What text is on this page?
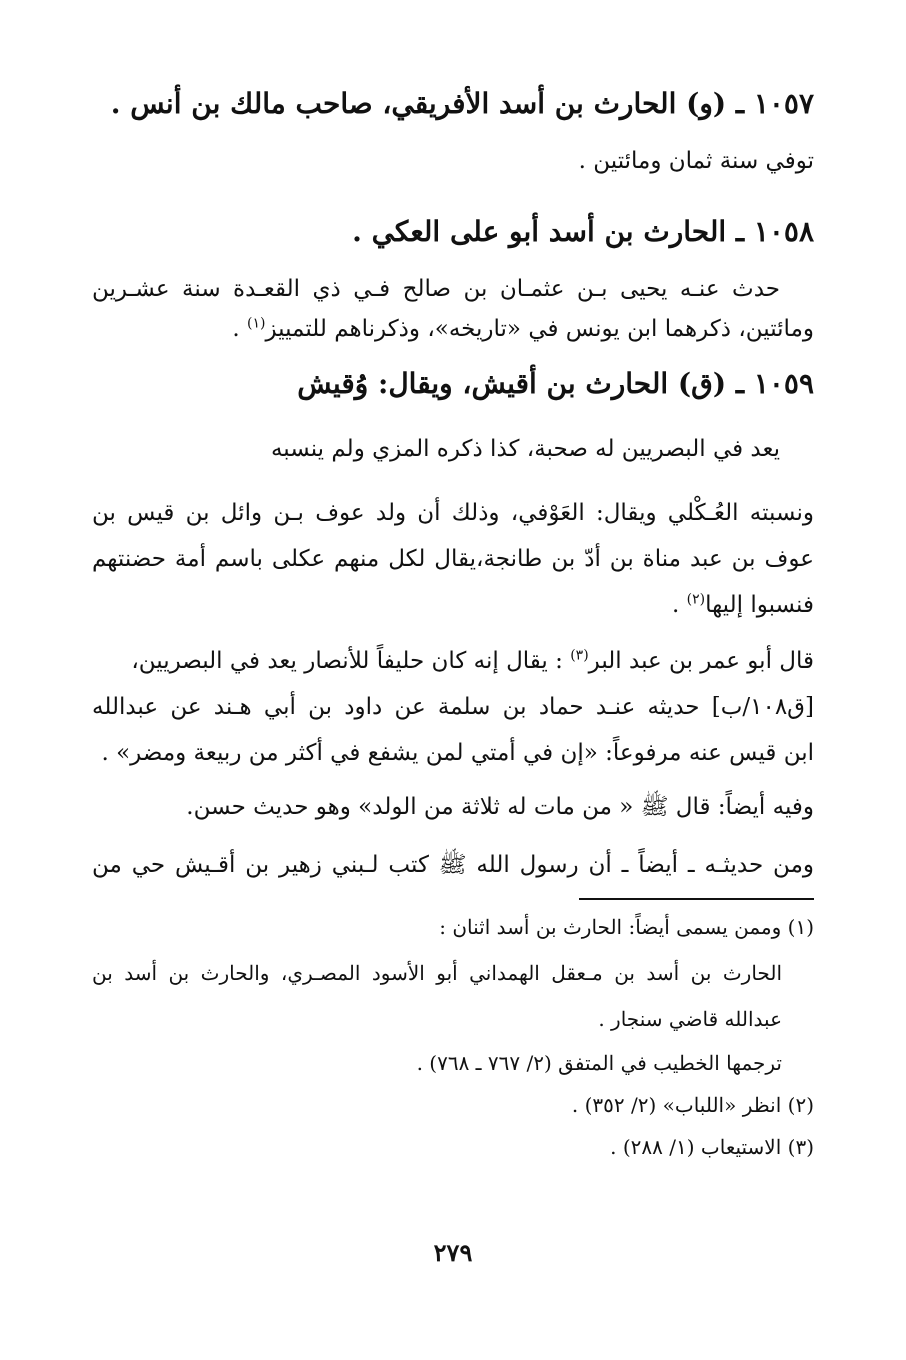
١٠٥٧ ـ (و) الحارث بن أسد الأفريقي، صاحب مالك بن أنس .
توفي سنة ثمان ومائتين .
١٠٥٨ ـ الحارث بن أسد أبو على العكي .
حدث عنـه يحيى بـن عثمـان بن صالح فـي ذي القعـدة سنة عشـرين
ومائتين، ذكرهما ابن يونس في «تاريخه»، وذكرناهم للتمييز$^{(١)}$ .
١٠٥٩ ـ (ق) الحارث بن أقيش، ويقال: وُقيش
يعد في البصريين له صحبة، كذا ذكره المزي ولم ينسبه
ونسبته العُـكْلي ويقال: العَوْفي، وذلك أن ولد عوف بـن وائل بن قيس بن
عوف بن عبد مناة بن أدّ بن طانجة،يقال لكل منهم عكلى باسم أمة حضنتهم
فنسبوا إليها$^{(٢)}$ .
قال أبو عمر بن عبد البر$^{(٣)}$ : يقال إنه كان حليفاً للأنصار يعد في البصريين،
[ق١٠٨/ب] حديثه عنـد حماد بن سلمة عن داود بن أبي هـند عن عبدالله
ابن قيس عنه مرفوعاً: «إن في أمتي لمن يشفع في أكثر من ربيعة ومضر» .
وفيه أيضاً: قال ﷺ « من مات له ثلاثة من الولد» وهو حديث حسن.
ومن حديثـه ـ أيضاً ـ أن رسول الله ﷺ كتب لـبني زهير بن أقـيش حي من
(١) وممن يسمى أيضاً: الحارث بن أسد اثنان :
الحارث بن أسد بن مـعقل الهمداني أبو الأسود المصـري، والحارث بن أسد بن
عبدالله قاضي سنجار .
ترجمها الخطيب في المتفق (٢/ ٧٦٧ ـ ٧٦٨) .
(٢) انظر «اللباب» (٢/ ٣٥٢) .
(٣) الاستيعاب (١/ ٢٨٨) .
٢٧٩
